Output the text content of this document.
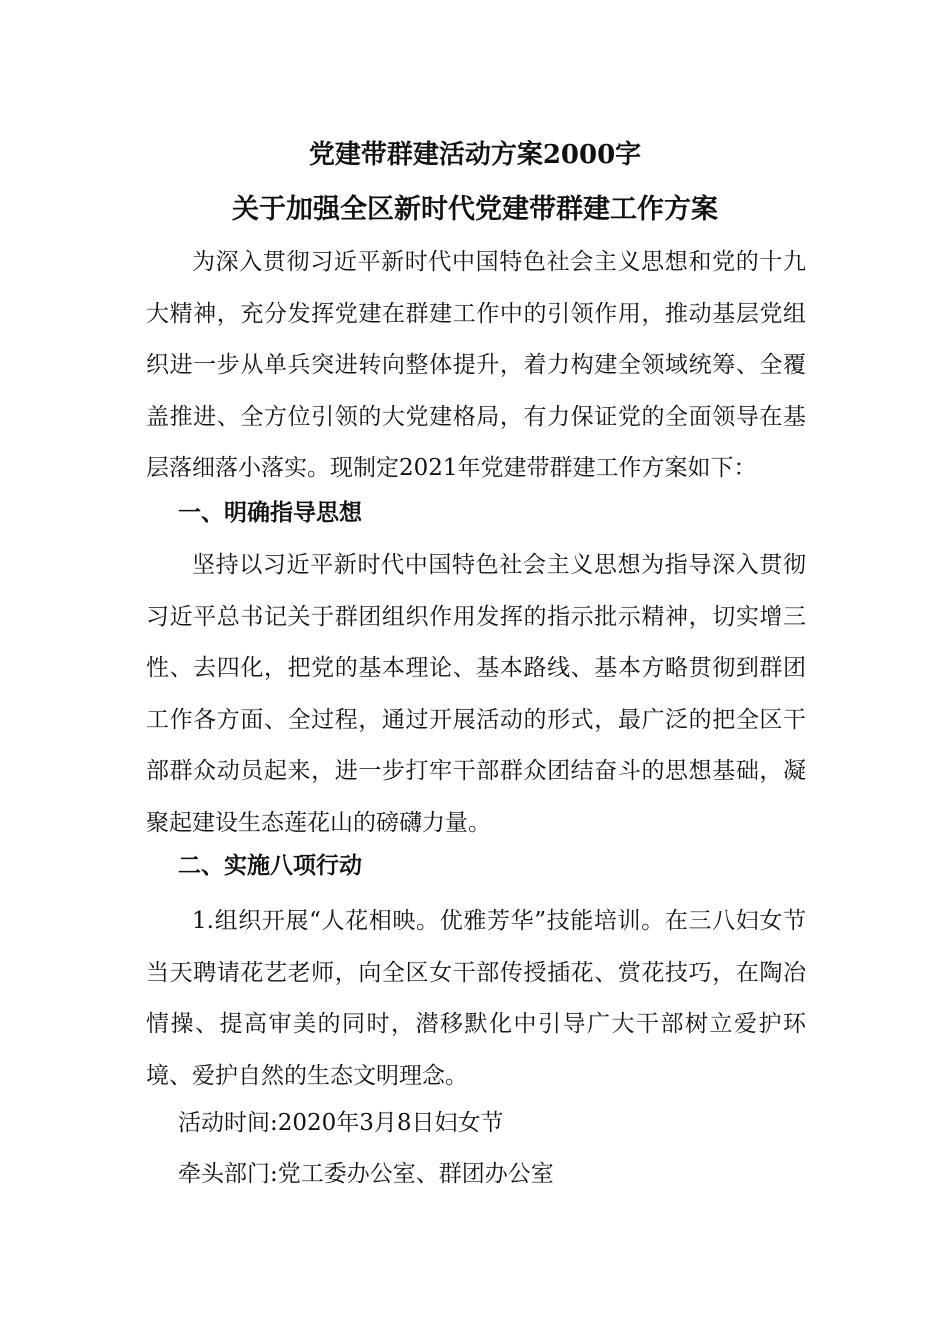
党建带群建活动方案2000字
关于加强全区新时代党建带群建工作方案
为深入贯彻习近平新时代中国特色社会主义思想和党的十九大精神，充分发挥党建在群建工作中的引领作用，推动基层党组织进一步从单兵突进转向整体提升，着力构建全领域统筹、全覆盖推进、全方位引领的大党建格局，有力保证党的全面领导在基层落细落小落实。现制定2021年党建带群建工作方案如下：
一、明确指导思想
坚持以习近平新时代中国特色社会主义思想为指导深入贯彻习近平总书记关于群团组织作用发挥的指示批示精神，切实增三性、去四化，把党的基本理论、基本路线、基本方略贯彻到群团工作各方面、全过程，通过开展活动的形式，最广泛的把全区干部群众动员起来，进一步打牢干部群众团结奋斗的思想基础，凝聚起建设生态莲花山的磅礴力量。
二、实施八项行动
1.组织开展“人花相映。优雅芳华”技能培训。在三八妇女节当天聘请花艺老师，向全区女干部传授插花、赏花技巧，在陶冶情操、提高审美的同时，潜移默化中引导广大干部树立爱护环境、爱护自然的生态文明理念。
活动时间:2020年3月8日妇女节
牵头部门:党工委办公室、群团办公室
